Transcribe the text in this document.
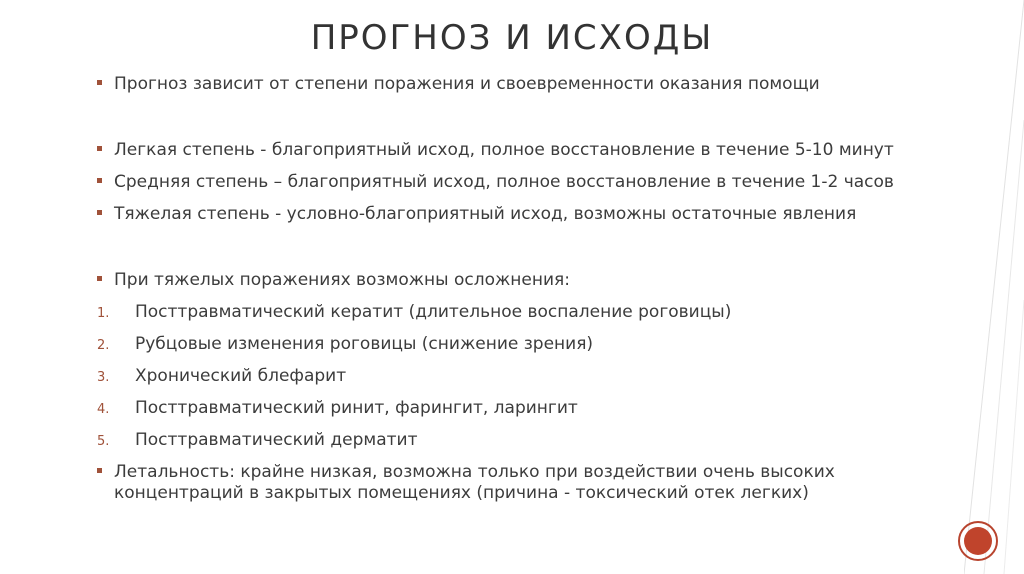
ПРОГНОЗ И ИСХОДЫ
Прогноз зависит от степени поражения и своевременности оказания помощи
Легкая степень - благоприятный исход, полное восстановление в течение 5-10 минут
Средняя степень – благоприятный исход, полное восстановление в течение 1-2 часов
Тяжелая степень - условно-благоприятный исход, возможны остаточные явления
При тяжелых поражениях возможны осложнения:
1. Посттравматический кератит (длительное воспаление роговицы)
2. Рубцовые изменения роговицы (снижение зрения)
3. Хронический блефарит
4. Посттравматический ринит, фарингит, ларингит
5. Посттравматический дерматит
Летальность: крайне низкая, возможна только при воздействии очень высоких концентраций в закрытых помещениях (причина - токсический отек легких)
